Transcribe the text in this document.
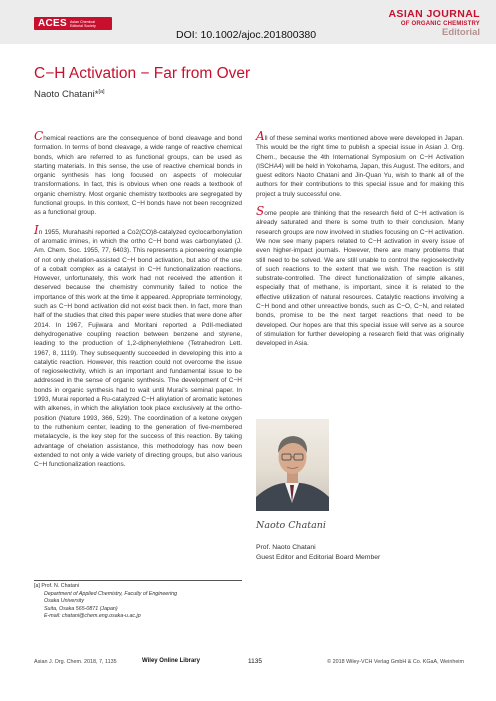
ACES Asian Chemical Editorial Society
DOI: 10.1002/ajoc.201800380
ASIAN JOURNAL
OF ORGANIC CHEMISTRY
Editorial
C−H Activation − Far from Over
Naoto Chatani*[a]

Chemical reactions are the consequence of bond cleavage and bond formation. In terms of bond cleavage, a wide range of reactive chemical bonds, which are referred to as functional groups, can be used as starting materials. In this sense, the use of reactive chemical bonds in organic synthesis has long focused on aspects of molecular transformations. In fact, this is obvious when one reads a textbook of organic chemistry. Most organic chemistry textbooks are segregated by functional groups. In this context, C−H bonds have not been recognized as a functional group.

In 1955, Murahashi reported a Co2(CO)8-catalyzed cyclocarbonylation of aromatic imines, in which the ortho C−H bond was carbonylated (J. Am. Chem. Soc. 1955, 77, 6403). This represents a pioneering example of not only chelation-assisted C−H bond activation, but also of the use of a cobalt complex as a catalyst in C−H functionalization reactions. However, unfortunately, this work had not received the attention it deserved because the chemistry community failed to notice the importance of this work at the time it appeared. Appropriate terminology, such as C−H bond activation did not exist back then. In fact, more than half of the studies that cited this paper were studies that were done after 2014. In 1967, Fujiwara and Moritani reported a PdII-mediated dehydrogenative coupling reaction between benzene and styrene, leading to the production of 1,2-diphenylethlene (Tetrahedron Lett. 1967, 8, 1119). They subsequently succeeded in developing this into a catalytic reaction. However, this reaction could not overcome the issue of regioselectivity, which is an important and fundamental issue to be addressed in the sense of organic synthesis. The development of C−H bonds in organic synthesis had to wait until Murai's seminal paper. In 1993, Murai reported a Ru-catalyzed C−H alkylation of aromatic ketones with alkenes, in which the alkylation took place exclusively at the ortho-position (Nature 1993, 366, 529). The coordination of a ketone oxygen to the ruthenium center, leading to the generation of five-membered metalacycle, is the key step for the success of this reaction. By taking advantage of chelation assistance, this methodology has now been extended to not only a wide variety of directing groups, but also various C−H functionalization reactions.

All of these seminal works mentioned above were developed in Japan. This would be the right time to publish a special issue in Asian J. Org. Chem., because the 4th International Symposium on C−H Activation (ISCHA4) will be held in Yokohama, Japan, this August. The editors, and guest editors Naoto Chatani and Jin-Quan Yu, wish to thank all of the authors for their contributions to this special issue and for making this project a truly successful one.

Some people are thinking that the research field of C−H activation is already saturated and there is some truth to their conclusion. Many research groups are now involved in studies focusing on C−H activation. We now see many papers related to C−H activation in every issue of even higher-impact journals. However, there are many problems that still need to be solved. We are still unable to control the regioselectivity of such reactions to the extent that we wish. The reaction is still substrate-controlled. The direct functionalization of simple alkanes, especially that of methane, is important, since it is related to the effective utilization of natural resources. Catalytic reactions involving a C−H bond and other unreactive bonds, such as C−O, C−N, and related bonds, promise to be the next target reactions that need to be developed. Our hopes are that this special issue will serve as a source of stimulation for further developing a research field that was originally developed in Asia.

Naoto Chatani
Prof. Naoto Chatani
Guest Editor and Editorial Board Member
[a] Prof. N. Chatani
Department of Applied Chemistry, Faculty of Engineering
Osaka University
Suita, Osaka 565-0871 (Japan)
E-mail: chatani@chem.eng.osaka-u.ac.jp
Asian J. Org. Chem. 2018, 7, 1135	Wiley Online Library	1135	© 2018 Wiley-VCH Verlag GmbH & Co. KGaA, Weinheim
